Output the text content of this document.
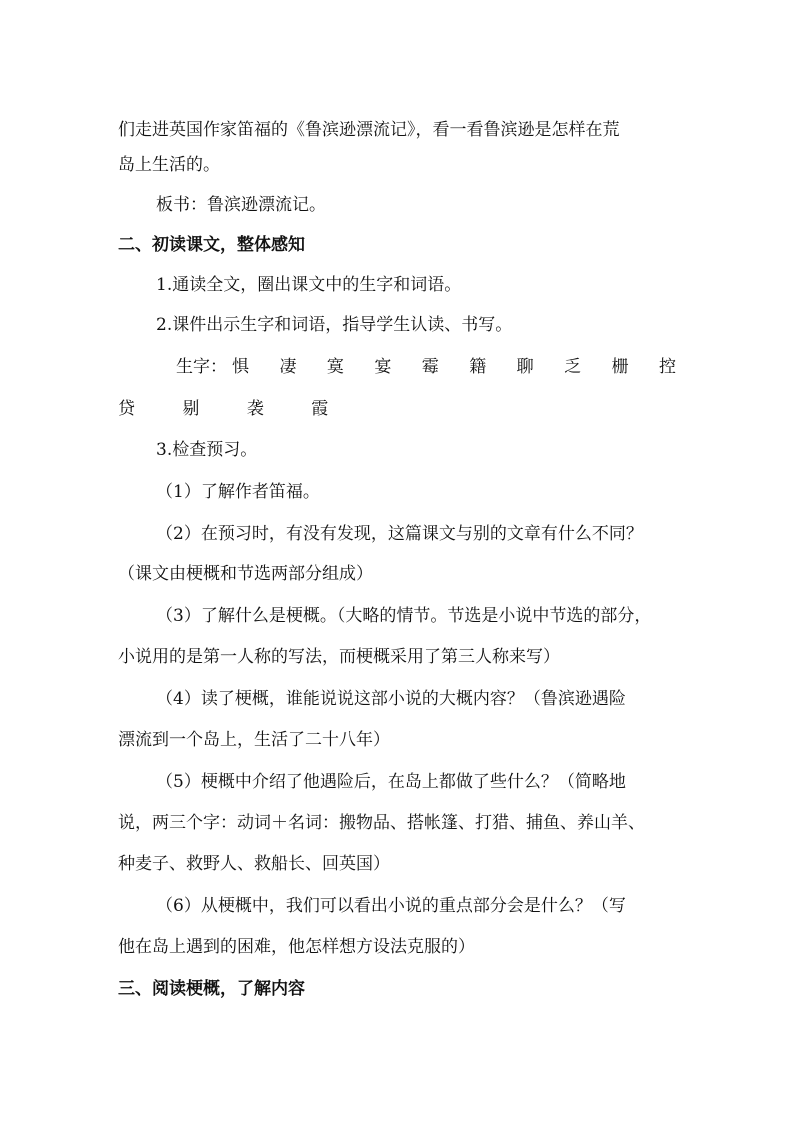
们走进英国作家笛福的《鲁滨逊漂流记》，看一看鲁滨逊是怎样在荒
岛上生活的。
板书：鲁滨逊漂流记。
二、初读课文，整体感知
1.通读全文，圈出课文中的生字和词语。
2.课件出示生字和词语，指导学生认读、书写。
生字： 惧 凄 寞 宴 霉 籍 聊 乏 栅 控
贷	剔	袭	霞
3.检查预习。
（1）了解作者笛福。
（2）在预习时，有没有发现，这篇课文与别的文章有什么不同？
（课文由梗概和节选两部分组成）
（3）了解什么是梗概。（大略的情节。节选是小说中节选的部分，
小说用的是第一人称的写法，而梗概采用了第三人称来写）
（4）读了梗概，谁能说说这部小说的大概内容？（鲁滨逊遇险
漂流到一个岛上，生活了二十八年）
（5）梗概中介绍了他遇险后，在岛上都做了些什么？（简略地
说，两三个字：动词＋名词：搬物品、搭帐篷、打猎、捕鱼、养山羊、
种麦子、救野人、救船长、回英国）
（6）从梗概中，我们可以看出小说的重点部分会是什么？（写
他在岛上遇到的困难，他怎样想方设法克服的）
三、阅读梗概，了解内容
